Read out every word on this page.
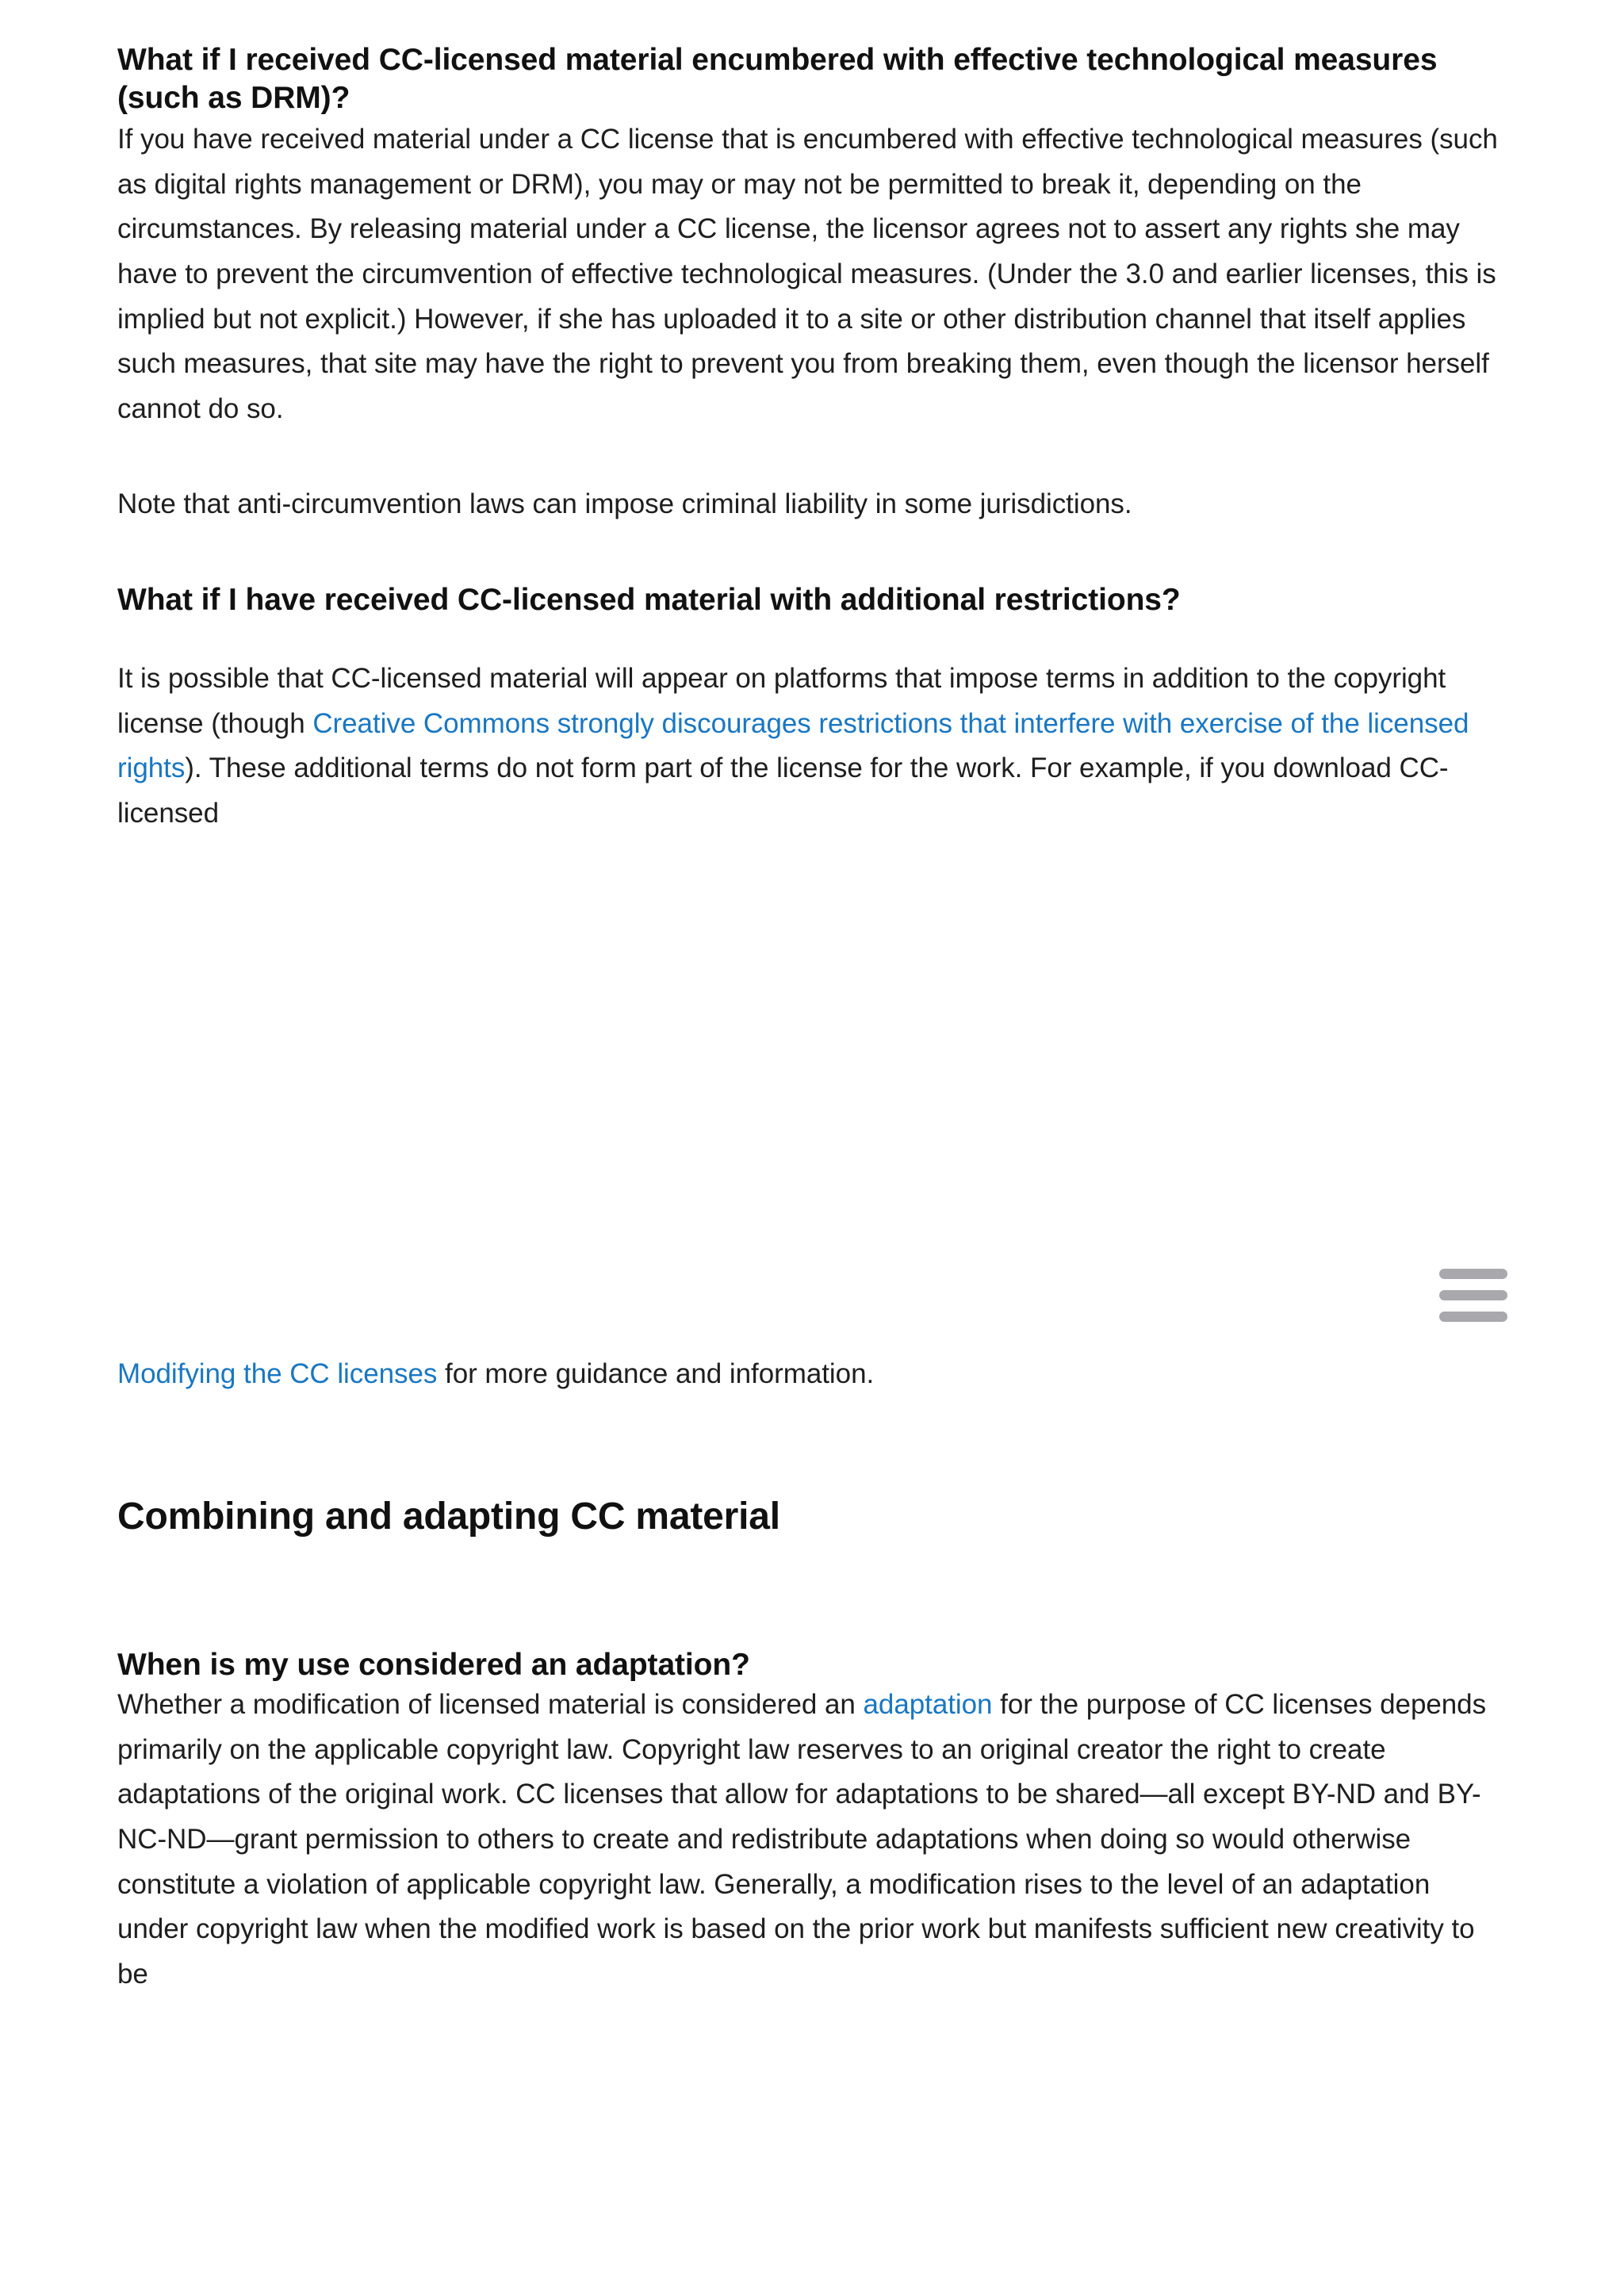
What if I received CC-licensed material encumbered with effective technological measures (such as DRM)?

If you have received material under a CC license that is encumbered with effective technological measures (such as digital rights management or DRM), you may or may not be permitted to break it, depending on the circumstances. By releasing material under a CC license, the licensor agrees not to assert any rights she may have to prevent the circumvention of effective technological measures. (Under the 3.0 and earlier licenses, this is implied but not explicit.) However, if she has uploaded it to a site or other distribution channel that itself applies such measures, that site may have the right to prevent you from breaking them, even though the licensor herself cannot do so.

Note that anti-circumvention laws can impose criminal liability in some jurisdictions.

What if I have received CC-licensed material with additional restrictions?

It is possible that CC-licensed material will appear on platforms that impose terms in addition to the copyright license (though Creative Commons strongly discourages restrictions that interfere with exercise of the licensed rights). These additional terms do not form part of the license for the work. For example, if you download CC-licensed

Modifying the CC licenses for more guidance and information.

Combining and adapting CC material
When is my use considered an adaptation?

Whether a modification of licensed material is considered an adaptation for the purpose of CC licenses depends primarily on the applicable copyright law. Copyright law reserves to an original creator the right to create adaptations of the original work. CC licenses that allow for adaptations to be shared—all except BY-ND and BY-NC-ND—grant permission to others to create and redistribute adaptations when doing so would otherwise constitute a violation of applicable copyright law. Generally, a modification rises to the level of an adaptation under copyright law when the modified work is based on the prior work but manifests sufficient new creativity to be
